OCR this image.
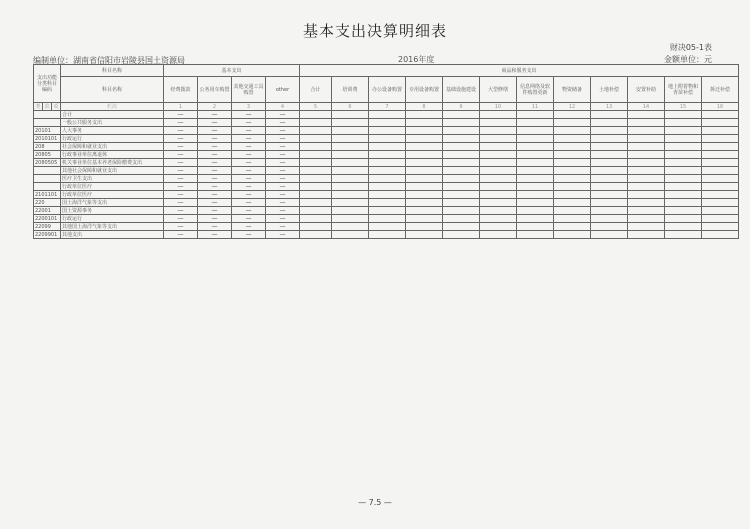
基本支出决算明细表
财决05-1表
编制单位：湖南省信阳市岩陵县国土资源局	2016年度	金额单位：元
支出功能分类科目编码			科目名称	基本支出				商品和服务支出											
			科目名称	经费拨款	公务用车购置	其他交通工具购置	other	合计	培训费	办公设备购置	专用设备购置	基础设施建设	大型修缮	信息网络及软件购置更新	物资储备	土地补偿	安置补助	地上附着物和青苗补偿	拆迁补偿
类	款	项	栏次	1	2	3	4	5	6	7	8	9	10	11	12	13	14	15	16
			合计	—	—	—	—												
			一般公共服务支出	—	—	—	—												
20101			人大事务	—	—	—	—												
2010101			行政运行	—	—	—	—												
208			社会保障和就业支出	—	—	—	—												
20805			行政事业单位离退休	—	—	—	—												
2080505			机关事业单位基本养老保险缴费支出	—	—	—	—												
			其他社会保障和就业支出	—	—	—	—												
			医疗卫生支出	—	—	—	—												
			行政单位医疗	—	—	—	—												
2101101			行政单位医疗	—	—	—	—												
220			国土海洋气象等支出	—	—	—	—												
22001			国土资源事务	—	—	—	—												
2200101			行政运行	—	—	—	—												
22099			其他国土海洋气象等支出	—	—	—	—												
2209901			其他支出	—	—	—	—												
— 7.5 —
